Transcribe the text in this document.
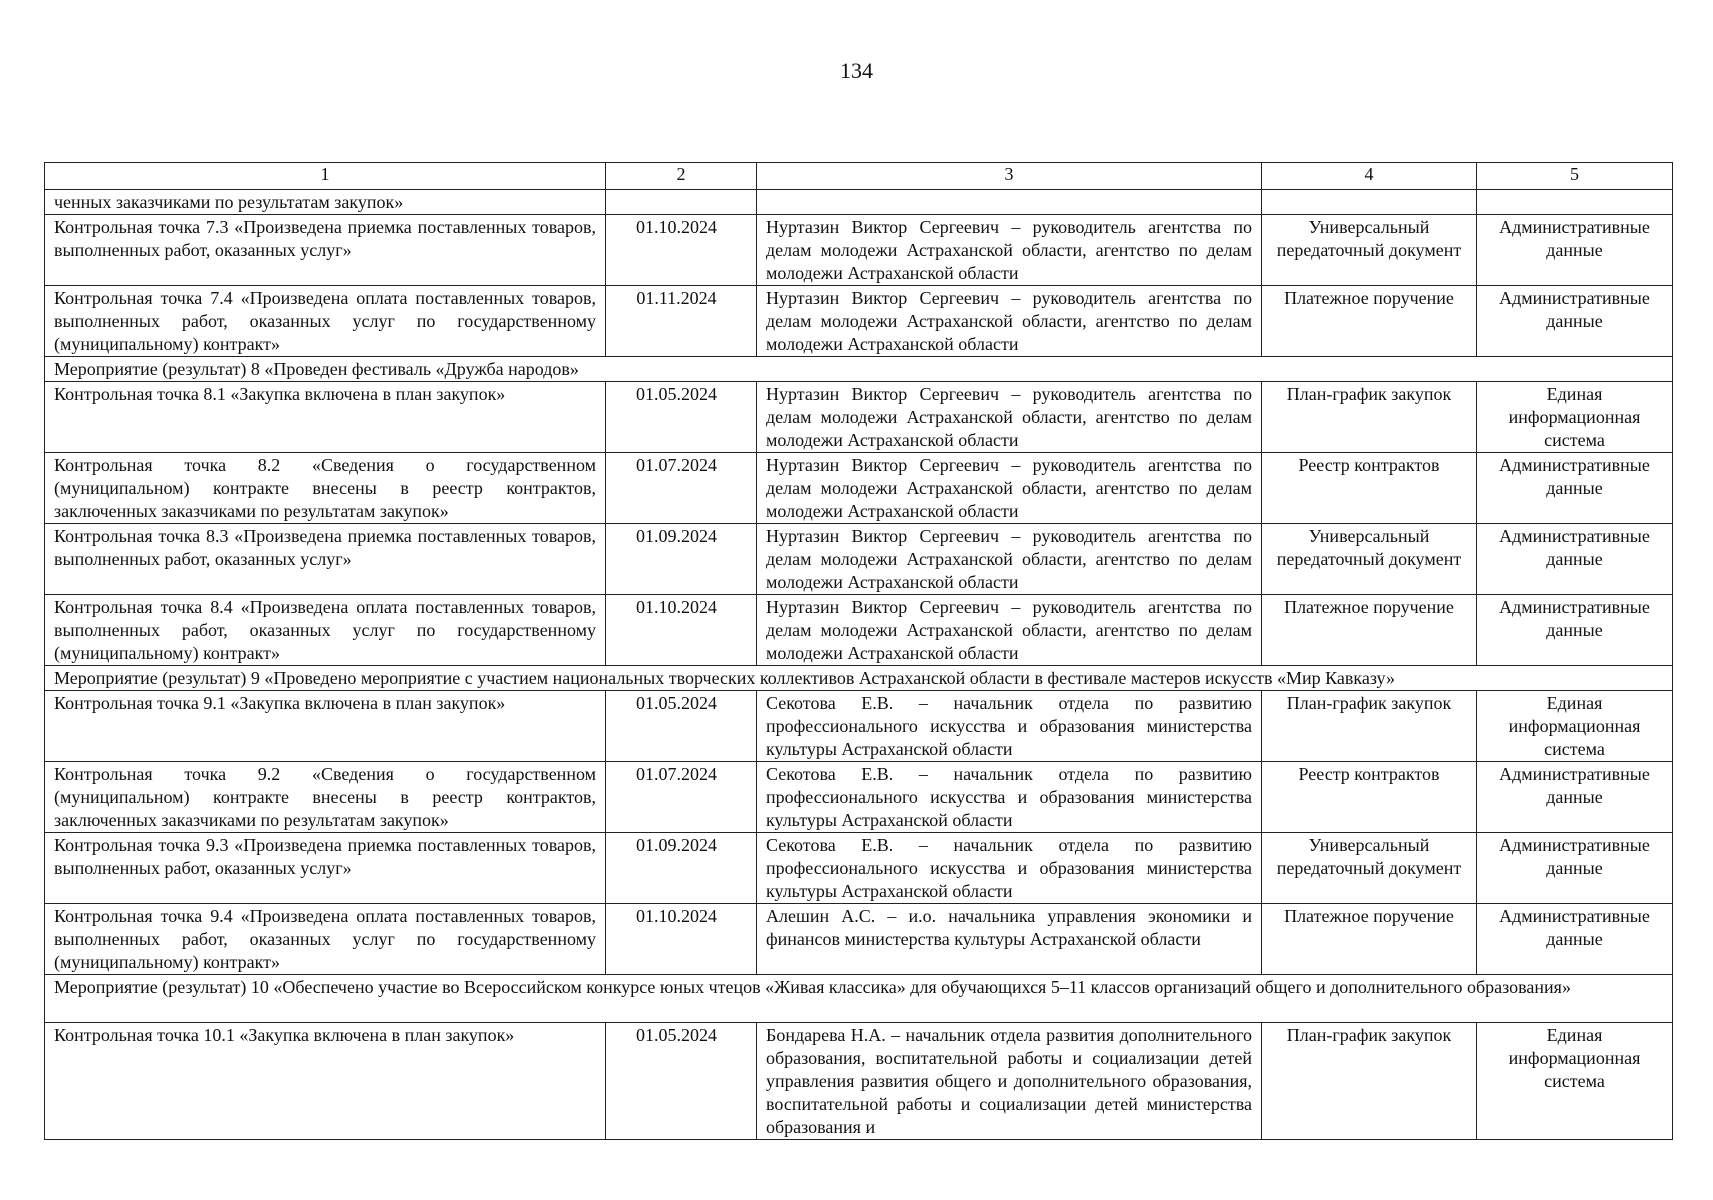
134
1	2	3	4	5
ченных заказчиками по результатам закупок»				
Контрольная точка 7.3 «Произведена приемка поставленных товаров, выполненных работ, оказанных услуг»	01.10.2024	Нуртазин Виктор Сергеевич – руководитель агентства по делам молодежи Астраханской области, агентство по делам молодежи Астраханской области	Универсальный передаточный документ	Административные данные
Контрольная точка 7.4 «Произведена оплата поставленных товаров, выполненных работ, оказанных услуг по государственному (муниципальному) контракт»	01.11.2024	Нуртазин Виктор Сергеевич – руководитель агентства по делам молодежи Астраханской области, агентство по делам молодежи Астраханской области	Платежное поручение	Административные данные
Мероприятие (результат) 8 «Проведен фестиваль «Дружба народов»				
Контрольная точка 8.1 «Закупка включена в план закупок»	01.05.2024	Нуртазин Виктор Сергеевич – руководитель агентства по делам молодежи Астраханской области, агентство по делам молодежи Астраханской области	План-график закупок	Единая информационная система
Контрольная точка 8.2 «Сведения о государственном (муниципальном) контракте внесены в реестр контрактов, заключенных заказчиками по результатам закупок»	01.07.2024	Нуртазин Виктор Сергеевич – руководитель агентства по делам молодежи Астраханской области, агентство по делам молодежи Астраханской области	Реестр контрактов	Административные данные
Контрольная точка 8.3 «Произведена приемка поставленных товаров, выполненных работ, оказанных услуг»	01.09.2024	Нуртазин Виктор Сергеевич – руководитель агентства по делам молодежи Астраханской области, агентство по делам молодежи Астраханской области	Универсальный передаточный документ	Административные данные
Контрольная точка 8.4 «Произведена оплата поставленных товаров, выполненных работ, оказанных услуг по государственному (муниципальному) контракт»	01.10.2024	Нуртазин Виктор Сергеевич – руководитель агентства по делам молодежи Астраханской области, агентство по делам молодежи Астраханской области	Платежное поручение	Административные данные
Мероприятие (результат) 9 «Проведено мероприятие с участием национальных творческих коллективов Астраханской области в фестивале мастеров искусств «Мир Кавказу»				
Контрольная точка 9.1 «Закупка включена в план закупок»	01.05.2024	Секотова Е.В. – начальник отдела по развитию профессионального искусства и образования министерства культуры Астраханской области	План-график закупок	Единая информационная система
Контрольная точка 9.2 «Сведения о государственном (муниципальном) контракте внесены в реестр контрактов, заключенных заказчиками по результатам закупок»	01.07.2024	Секотова Е.В. – начальник отдела по развитию профессионального искусства и образования министерства культуры Астраханской области	Реестр контрактов	Административные данные
Контрольная точка 9.3 «Произведена приемка поставленных товаров, выполненных работ, оказанных услуг»	01.09.2024	Секотова Е.В. – начальник отдела по развитию профессионального искусства и образования министерства культуры Астраханской области	Универсальный передаточный документ	Административные данные
Контрольная точка 9.4 «Произведена оплата поставленных товаров, выполненных работ, оказанных услуг по государственному (муниципальному) контракт»	01.10.2024	Алешин А.С. – и.о. начальника управления экономики и финансов министерства культуры Астраханской области	Платежное поручение	Административные данные
Мероприятие (результат) 10 «Обеспечено участие во Всероссийском конкурсе юных чтецов «Живая классика» для обучающихся 5–11 классов организаций общего и дополнительного образования»				
Контрольная точка 10.1 «Закупка включена в план закупок»	01.05.2024	Бондарева Н.А. – начальник отдела развития дополнительного образования, воспитательной работы и социализации детей управления развития общего и дополнительного образования, воспитательной работы и социализации детей министерства образования и	План-график закупок	Единая информационная система
